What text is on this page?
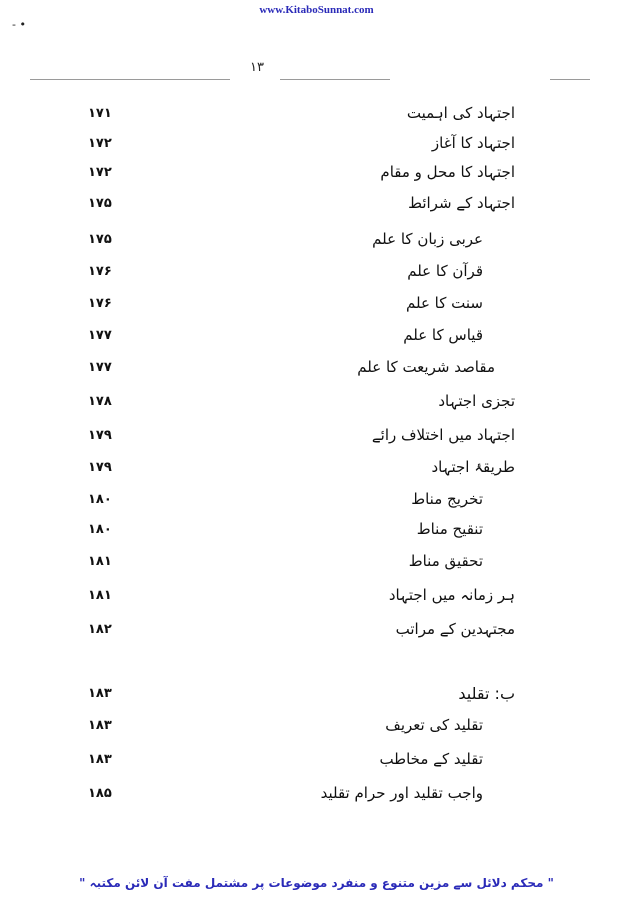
www.KitaboSunnat.com
- •
۱۳
۱۷۱	اجتہاد کی اہمیت
۱۷۲	اجتہاد کا آغاز
۱۷۲	اجتہاد کا محل و مقام
۱۷۵	اجتہاد کے شرائط
۱۷۵	عربی زبان کا علم
۱۷۶	قرآن کا علم
۱۷۶	سنت کا علم
۱۷۷	قیاس کا علم
۱۷۷	مقاصد شریعت کا علم
۱۷۸	تجزی اجتہاد
۱۷۹	اجتہاد میں اختلاف رائے
۱۷۹	طریقۂ اجتہاد
۱۸۰	تخریج مناط
۱۸۰	تنقیح مناط
۱۸۱	تحقیق مناط
۱۸۱	ہر زمانہ میں اجتہاد
۱۸۲	مجتہدین کے مراتب
۱۸۳	ب: تقلید
۱۸۳	تقلید کی تعریف
۱۸۳	تقلید کے مخاطب
۱۸۵	واجب تقلید اور حرام تقلید
" محکم دلائل سے مزین متنوع و منفرد موضوعات پر مشتمل مفت آن لائن مکتبہ "
